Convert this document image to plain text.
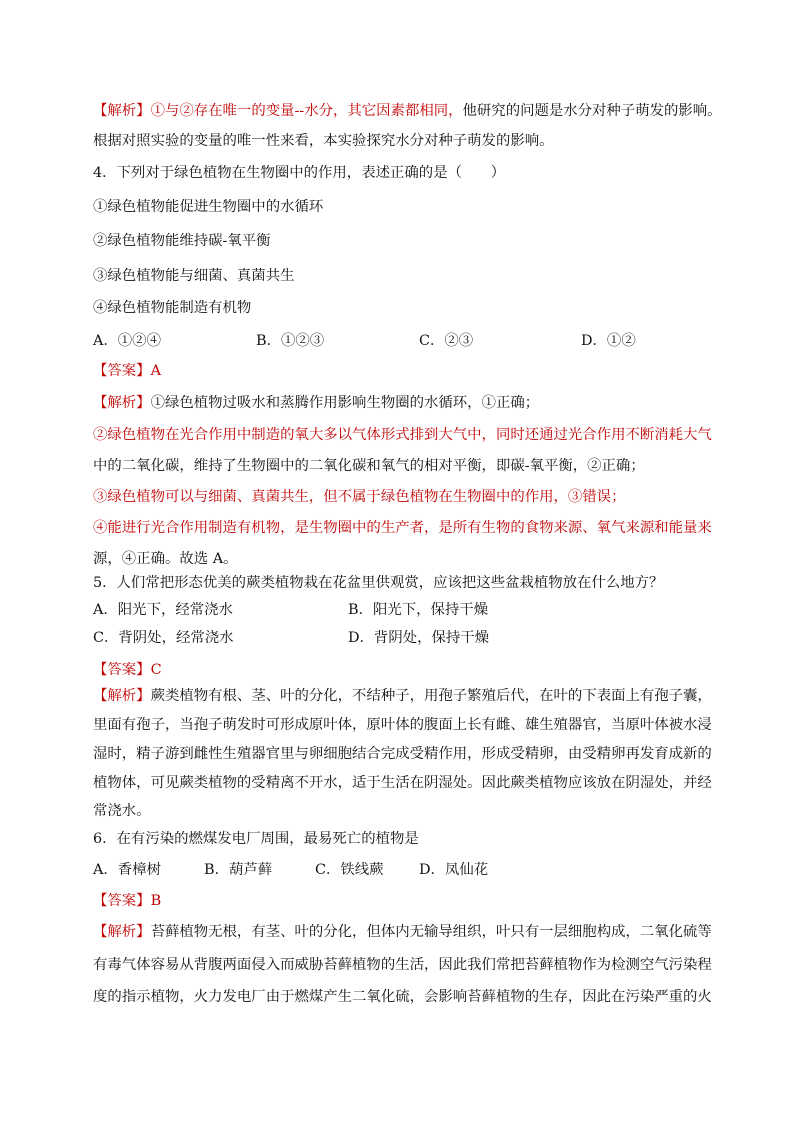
【解析】①与②存在唯一的变量--水分，其它因素都相同，他研究的问题是水分对种子萌发的影响。
根据对照实验的变量的唯一性来看，本实验探究水分对种子萌发的影响。
4．下列对于绿色植物在生物圈中的作用，表述正确的是（　　）
①绿色植物能促进生物圈中的水循环
②绿色植物能维持碳-氧平衡
③绿色植物能与细菌、真菌共生
④绿色植物能制造有机物
A．①②④	B．①②③	C．②③	D．①②
【答案】A
【解析】①绿色植物过吸水和蒸腾作用影响生物圈的水循环，①正确；
②绿色植物在光合作用中制造的氧大多以气体形式排到大气中，同时还通过光合作用不断消耗大气
中的二氧化碳，维持了生物圈中的二氧化碳和氧气的相对平衡，即碳-氧平衡，②正确；
③绿色植物可以与细菌、真菌共生，但不属于绿色植物在生物圈中的作用，③错误；
④能进行光合作用制造有机物，是生物圈中的生产者，是所有生物的食物来源、氧气来源和能量来
源，④正确。故选 A。
5．人们常把形态优美的蕨类植物栽在花盆里供观赏，应该把这些盆栽植物放在什么地方？
A．阳光下，经常浇水	B．阳光下，保持干燥
C．背阴处，经常浇水	D．背阴处，保持干燥
【答案】C
【解析】蕨类植物有根、茎、叶的分化，不结种子，用孢子繁殖后代，在叶的下表面上有孢子囊，
里面有孢子，当孢子萌发时可形成原叶体，原叶体的腹面上长有雌、雄生殖器官，当原叶体被水浸
湿时，精子游到雌性生殖器官里与卵细胞结合完成受精作用，形成受精卵，由受精卵再发育成新的
植物体，可见蕨类植物的受精离不开水，适于生活在阴湿处。因此蕨类植物应该放在阴湿处，并经
常浇水。
6．在有污染的燃煤发电厂周围，最易死亡的植物是
A．香樟树	B．葫芦藓	C．铁线蕨 D．凤仙花
【答案】B
【解析】苔藓植物无根，有茎、叶的分化，但体内无输导组织，叶只有一层细胞构成，二氧化硫等
有毒气体容易从背腹两面侵入而威胁苔藓植物的生活，因此我们常把苔藓植物作为检测空气污染程
度的指示植物，火力发电厂由于燃煤产生二氧化硫，会影响苔藓植物的生存，因此在污染严重的火
